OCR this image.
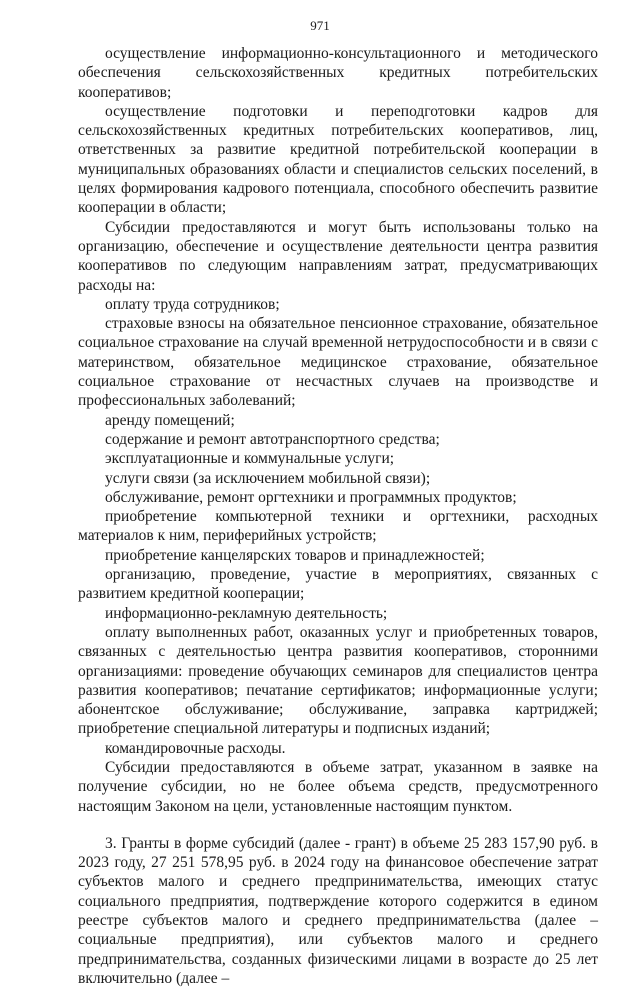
971

осуществление информационно-консультационного и методического обеспечения сельскохозяйственных кредитных потребительских кооперативов;

осуществление подготовки и переподготовки кадров для сельскохозяйственных кредитных потребительских кооперативов, лиц, ответственных за развитие кредитной потребительской кооперации в муниципальных образованиях области и специалистов сельских поселений, в целях формирования кадрового потенциала, способного обеспечить развитие кооперации в области;

Субсидии предоставляются и могут быть использованы только на организацию, обеспечение и осуществление деятельности центра развития кооперативов по следующим направлениям затрат, предусматривающих расходы на:

оплату труда сотрудников;

страховые взносы на обязательное пенсионное страхование, обязательное социальное страхование на случай временной нетрудоспособности и в связи с материнством, обязательное медицинское страхование, обязательное социальное страхование от несчастных случаев на производстве и профессиональных заболеваний;

аренду помещений;

содержание и ремонт автотранспортного средства;

эксплуатационные и коммунальные услуги;

услуги связи (за исключением мобильной связи);

обслуживание, ремонт оргтехники и программных продуктов;

приобретение компьютерной техники и оргтехники, расходных материалов к ним, периферийных устройств;

приобретение канцелярских товаров и принадлежностей;

организацию, проведение, участие в мероприятиях, связанных с развитием кредитной кооперации;

информационно-рекламную деятельность;

оплату выполненных работ, оказанных услуг и приобретенных товаров, связанных с деятельностью центра развития кооперативов, сторонними организациями: проведение обучающих семинаров для специалистов центра развития кооперативов; печатание сертификатов; информационные услуги; абонентское обслуживание; обслуживание, заправка картриджей; приобретение специальной литературы и подписных изданий;

командировочные расходы.

Субсидии предоставляются в объеме затрат, указанном в заявке на получение субсидии, но не более объема средств, предусмотренного настоящим Законом на цели, установленные настоящим пунктом.

3. Гранты в форме субсидий (далее - грант) в объеме 25 283 157,90 руб. в 2023 году, 27 251 578,95 руб. в 2024 году на финансовое обеспечение затрат субъектов малого и среднего предпринимательства, имеющих статус социального предприятия, подтверждение которого содержится в едином реестре субъектов малого и среднего предпринимательства (далее – социальные предприятия), или субъектов малого и среднего предпринимательства, созданных физическими лицами в возрасте до 25 лет включительно (далее –
